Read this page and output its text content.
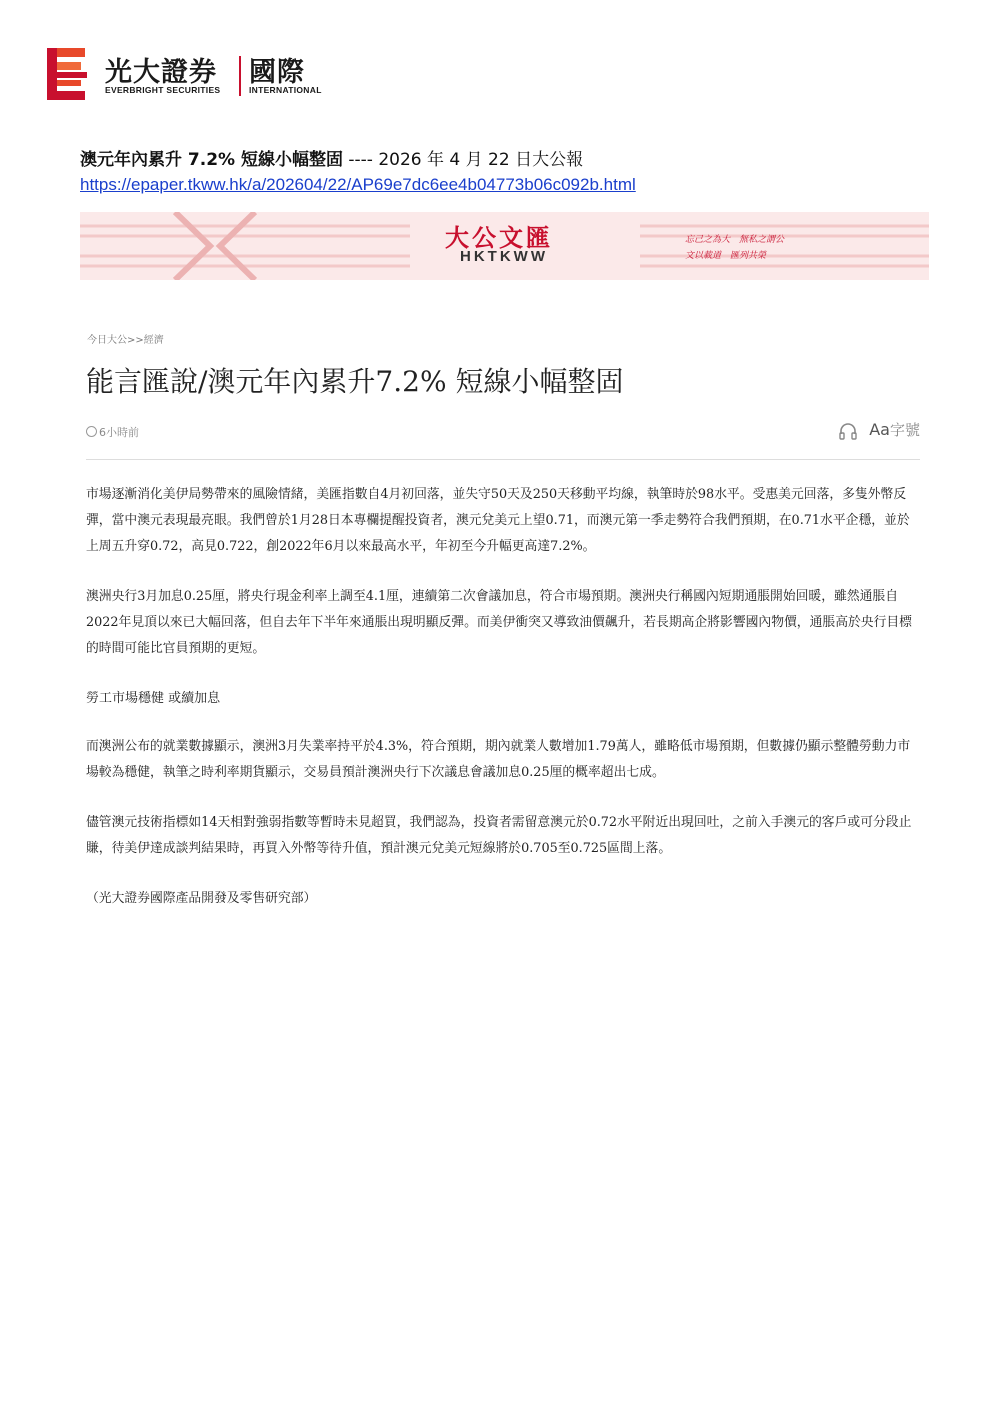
光大證券 國際
EVERBRIGHT SECURITIES	INTERNATIONAL
澳元年內累升 7.2% 短線小幅整固 ---- 2026 年 4 月 22 日大公報
https://epaper.tkww.hk/a/202604/22/AP69e7dc6ee4b04773b06c092b.html
大公文匯
HKTKWW
忘己之為大　無私之謂公
文以載道　匯列共榮
今日大公>>經濟
能言匯說/澳元年內累升7.2% 短線小幅整固
6小時前	Aa字號
市場逐漸消化美伊局勢帶來的風險情緒，美匯指數自4月初回落，並失守50天及250天移動平均線，執筆時於98水平。受惠美元回落，多隻外幣反彈，當中澳元表現最亮眼。我們曾於1月28日本專欄提醒投資者，澳元兌美元上望0.71，而澳元第一季走勢符合我們預期，在0.71水平企穩，並於上周五升穿0.72，高見0.722，創2022年6月以來最高水平，年初至今升幅更高達7.2%。
澳洲央行3月加息0.25厘，將央行現金利率上調至4.1厘，連續第二次會議加息，符合市場預期。澳洲央行稱國內短期通脹開始回暖，雖然通脹自2022年見頂以來已大幅回落，但自去年下半年來通脹出現明顯反彈。而美伊衝突又導致油價飆升，若長期高企將影響國內物價，通脹高於央行目標的時間可能比官員預期的更短。
勞工市場穩健 或續加息
而澳洲公布的就業數據顯示，澳洲3月失業率持平於4.3%，符合預期，期內就業人數增加1.79萬人，雖略低市場預期，但數據仍顯示整體勞動力市場較為穩健，執筆之時利率期貨顯示，交易員預計澳洲央行下次議息會議加息0.25厘的概率超出七成。
儘管澳元技術指標如14天相對強弱指數等暫時未見超買，我們認為，投資者需留意澳元於0.72水平附近出現回吐，之前入手澳元的客戶或可分段止賺，待美伊達成談判結果時，再買入外幣等待升值，預計澳元兌美元短線將於0.705至0.725區間上落。
（光大證券國際產品開發及零售研究部）
